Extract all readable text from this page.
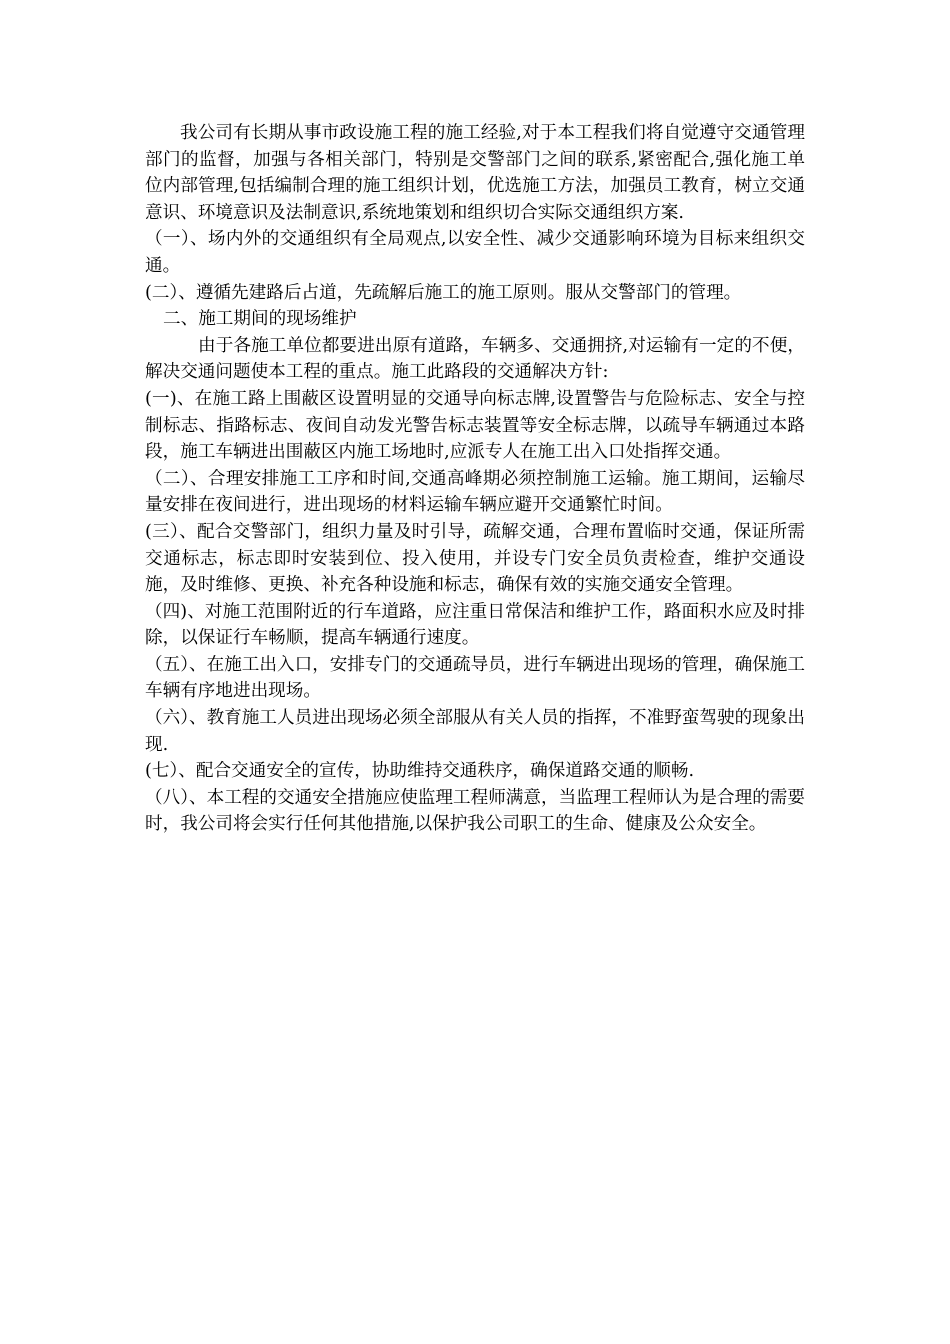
我公司有长期从事市政设施工程的施工经验,对于本工程我们将自觉遵守交通管理部门的监督，加强与各相关部门，特别是交警部门之间的联系,紧密配合,强化施工单位内部管理,包括编制合理的施工组织计划，优选施工方法，加强员工教育，树立交通意识、环境意识及法制意识,系统地策划和组织切合实际交通组织方案.

（一）、场内外的交通组织有全局观点,以安全性、减少交通影响环境为目标来组织交通。

(二）、遵循先建路后占道，先疏解后施工的施工原则。服从交警部门的管理。

二、施工期间的现场维护

由于各施工单位都要进出原有道路，车辆多、交通拥挤,对运输有一定的不便，解决交通问题使本工程的重点。施工此路段的交通解决方针:

(一)、在施工路上围蔽区设置明显的交通导向标志牌,设置警告与危险标志、安全与控制标志、指路标志、夜间自动发光警告标志装置等安全标志牌，以疏导车辆通过本路段，施工车辆进出围蔽区内施工场地时,应派专人在施工出入口处指挥交通。

（二）、合理安排施工工序和时间,交通高峰期必须控制施工运输。施工期间，运输尽量安排在夜间进行，进出现场的材料运输车辆应避开交通繁忙时间。

(三）、配合交警部门，组织力量及时引导，疏解交通，合理布置临时交通，保证所需交通标志，标志即时安装到位、投入使用，并设专门安全员负责检查，维护交通设施，及时维修、更换、补充各种设施和标志，确保有效的实施交通安全管理。

（四)、对施工范围附近的行车道路，应注重日常保洁和维护工作，路面积水应及时排除，以保证行车畅顺，提高车辆通行速度。

（五）、在施工出入口，安排专门的交通疏导员，进行车辆进出现场的管理，确保施工车辆有序地进出现场。

（六）、教育施工人员进出现场必须全部服从有关人员的指挥，不准野蛮驾驶的现象出现.

(七）、配合交通安全的宣传，协助维持交通秩序，确保道路交通的顺畅.

（八）、本工程的交通安全措施应使监理工程师满意，当监理工程师认为是合理的需要时，我公司将会实行任何其他措施,以保护我公司职工的生命、健康及公众安全。
